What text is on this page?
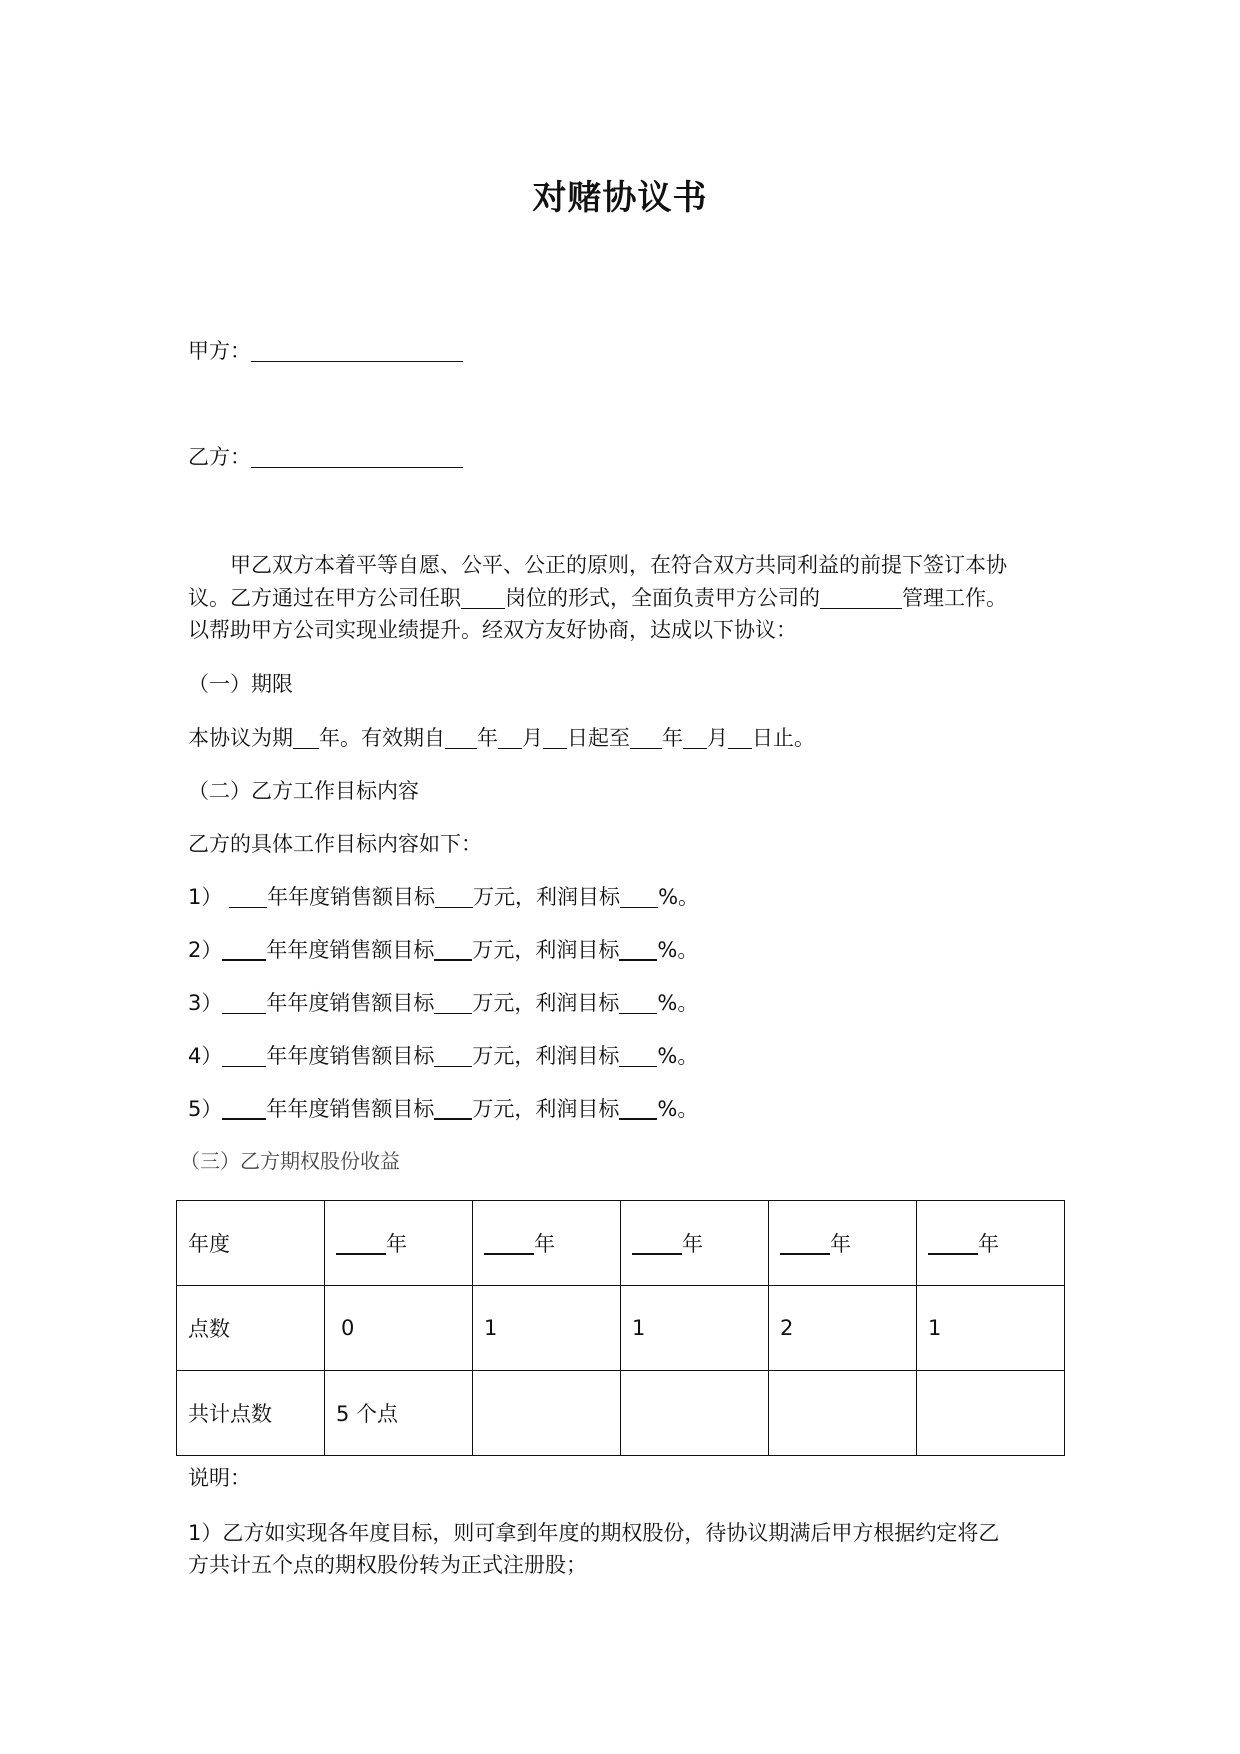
对赌协议书
甲方：
乙方：
甲乙双方本着平等自愿、公平、公正的原则，在符合双方共同利益的前提下签订本协
议。乙方通过在甲方公司任职 岗位的形式，全面负责甲方公司的	管理工作。
以帮助甲方公司实现业绩提升。经双方友好协商，达成以下协议：
（一）期限
本协议为期 年。有效期自 年 月 日起至 年 月 日止。
（二）乙方工作目标内容
乙方的具体工作目标内容如下：
1） 年年度销售额目标 万元，利润目标 %。
2） 年年度销售额目标 万元，利润目标 %。
3） 年年度销售额目标 万元，利润目标 %。
4） 年年度销售额目标 万元，利润目标 %。
5） 年年度销售额目标 万元，利润目标 %。
（三）乙方期权股份收益
年度	年	年	年	年	年
点数	0	1	1	2	1
共计点数	5 个点				
说明：
1）乙方如实现各年度目标，则可拿到年度的期权股份，待协议期满后甲方根据约定将乙
方共计五个点的期权股份转为正式注册股；
